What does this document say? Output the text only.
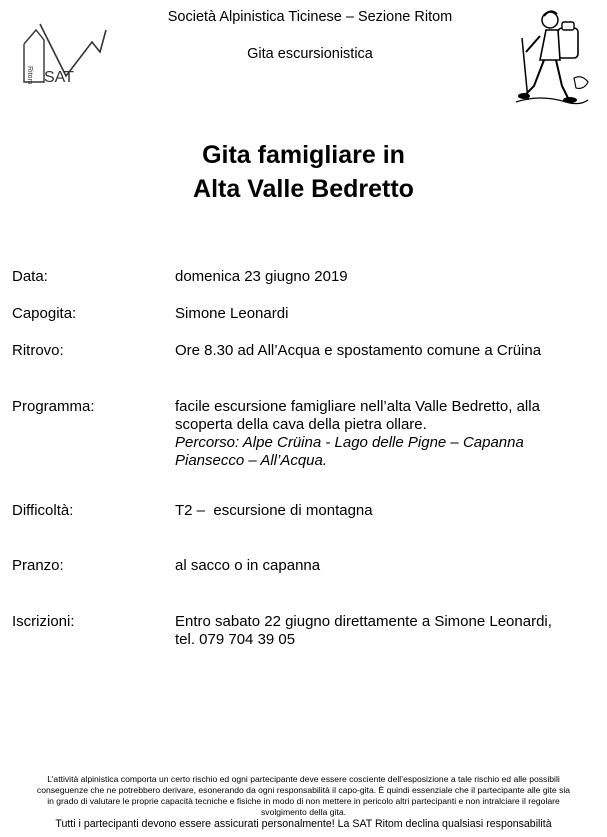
Ritom SAT
Società Alpinistica Ticinese – Sezione Ritom
Gita escursionistica
Gita famigliare in
Alta Valle Bedretto
Data:	domenica 23 giugno 2019
Capogita:	Simone Leonardi
Ritrovo:	Ore 8.30 ad All’Acqua e spostamento comune a Crüina
Programma:	facile escursione famigliare nell’alta Valle Bedretto, alla
scoperta della cava della pietra ollare.
Percorso: Alpe Crüina - Lago delle Pigne – Capanna
Piansecco – All’Acqua.
Difficoltà:	T2 –  escursione di montagna
Pranzo:	al sacco o in capanna
Iscrizioni:	Entro sabato 22 giugno direttamente a Simone Leonardi,
tel. 079 704 39 05
L’attività alpinistica comporta un certo rischio ed ogni partecipante deve essere cosciente dell’esposizione a tale rischio ed alle possibili
conseguenze che ne potrebbero derivare, esonerando da ogni responsabilità il capo-gita. È quindi essenziale che il partecipante alle gite sia
in grado di valutare le proprie capacità tecniche e fisiche in modo di non mettere in pericolo altri partecipanti e non intralciare il regolare
svolgimento della gita.
Tutti i partecipanti devono essere assicurati personalmente! La SAT Ritom declina qualsiasi responsabilità
